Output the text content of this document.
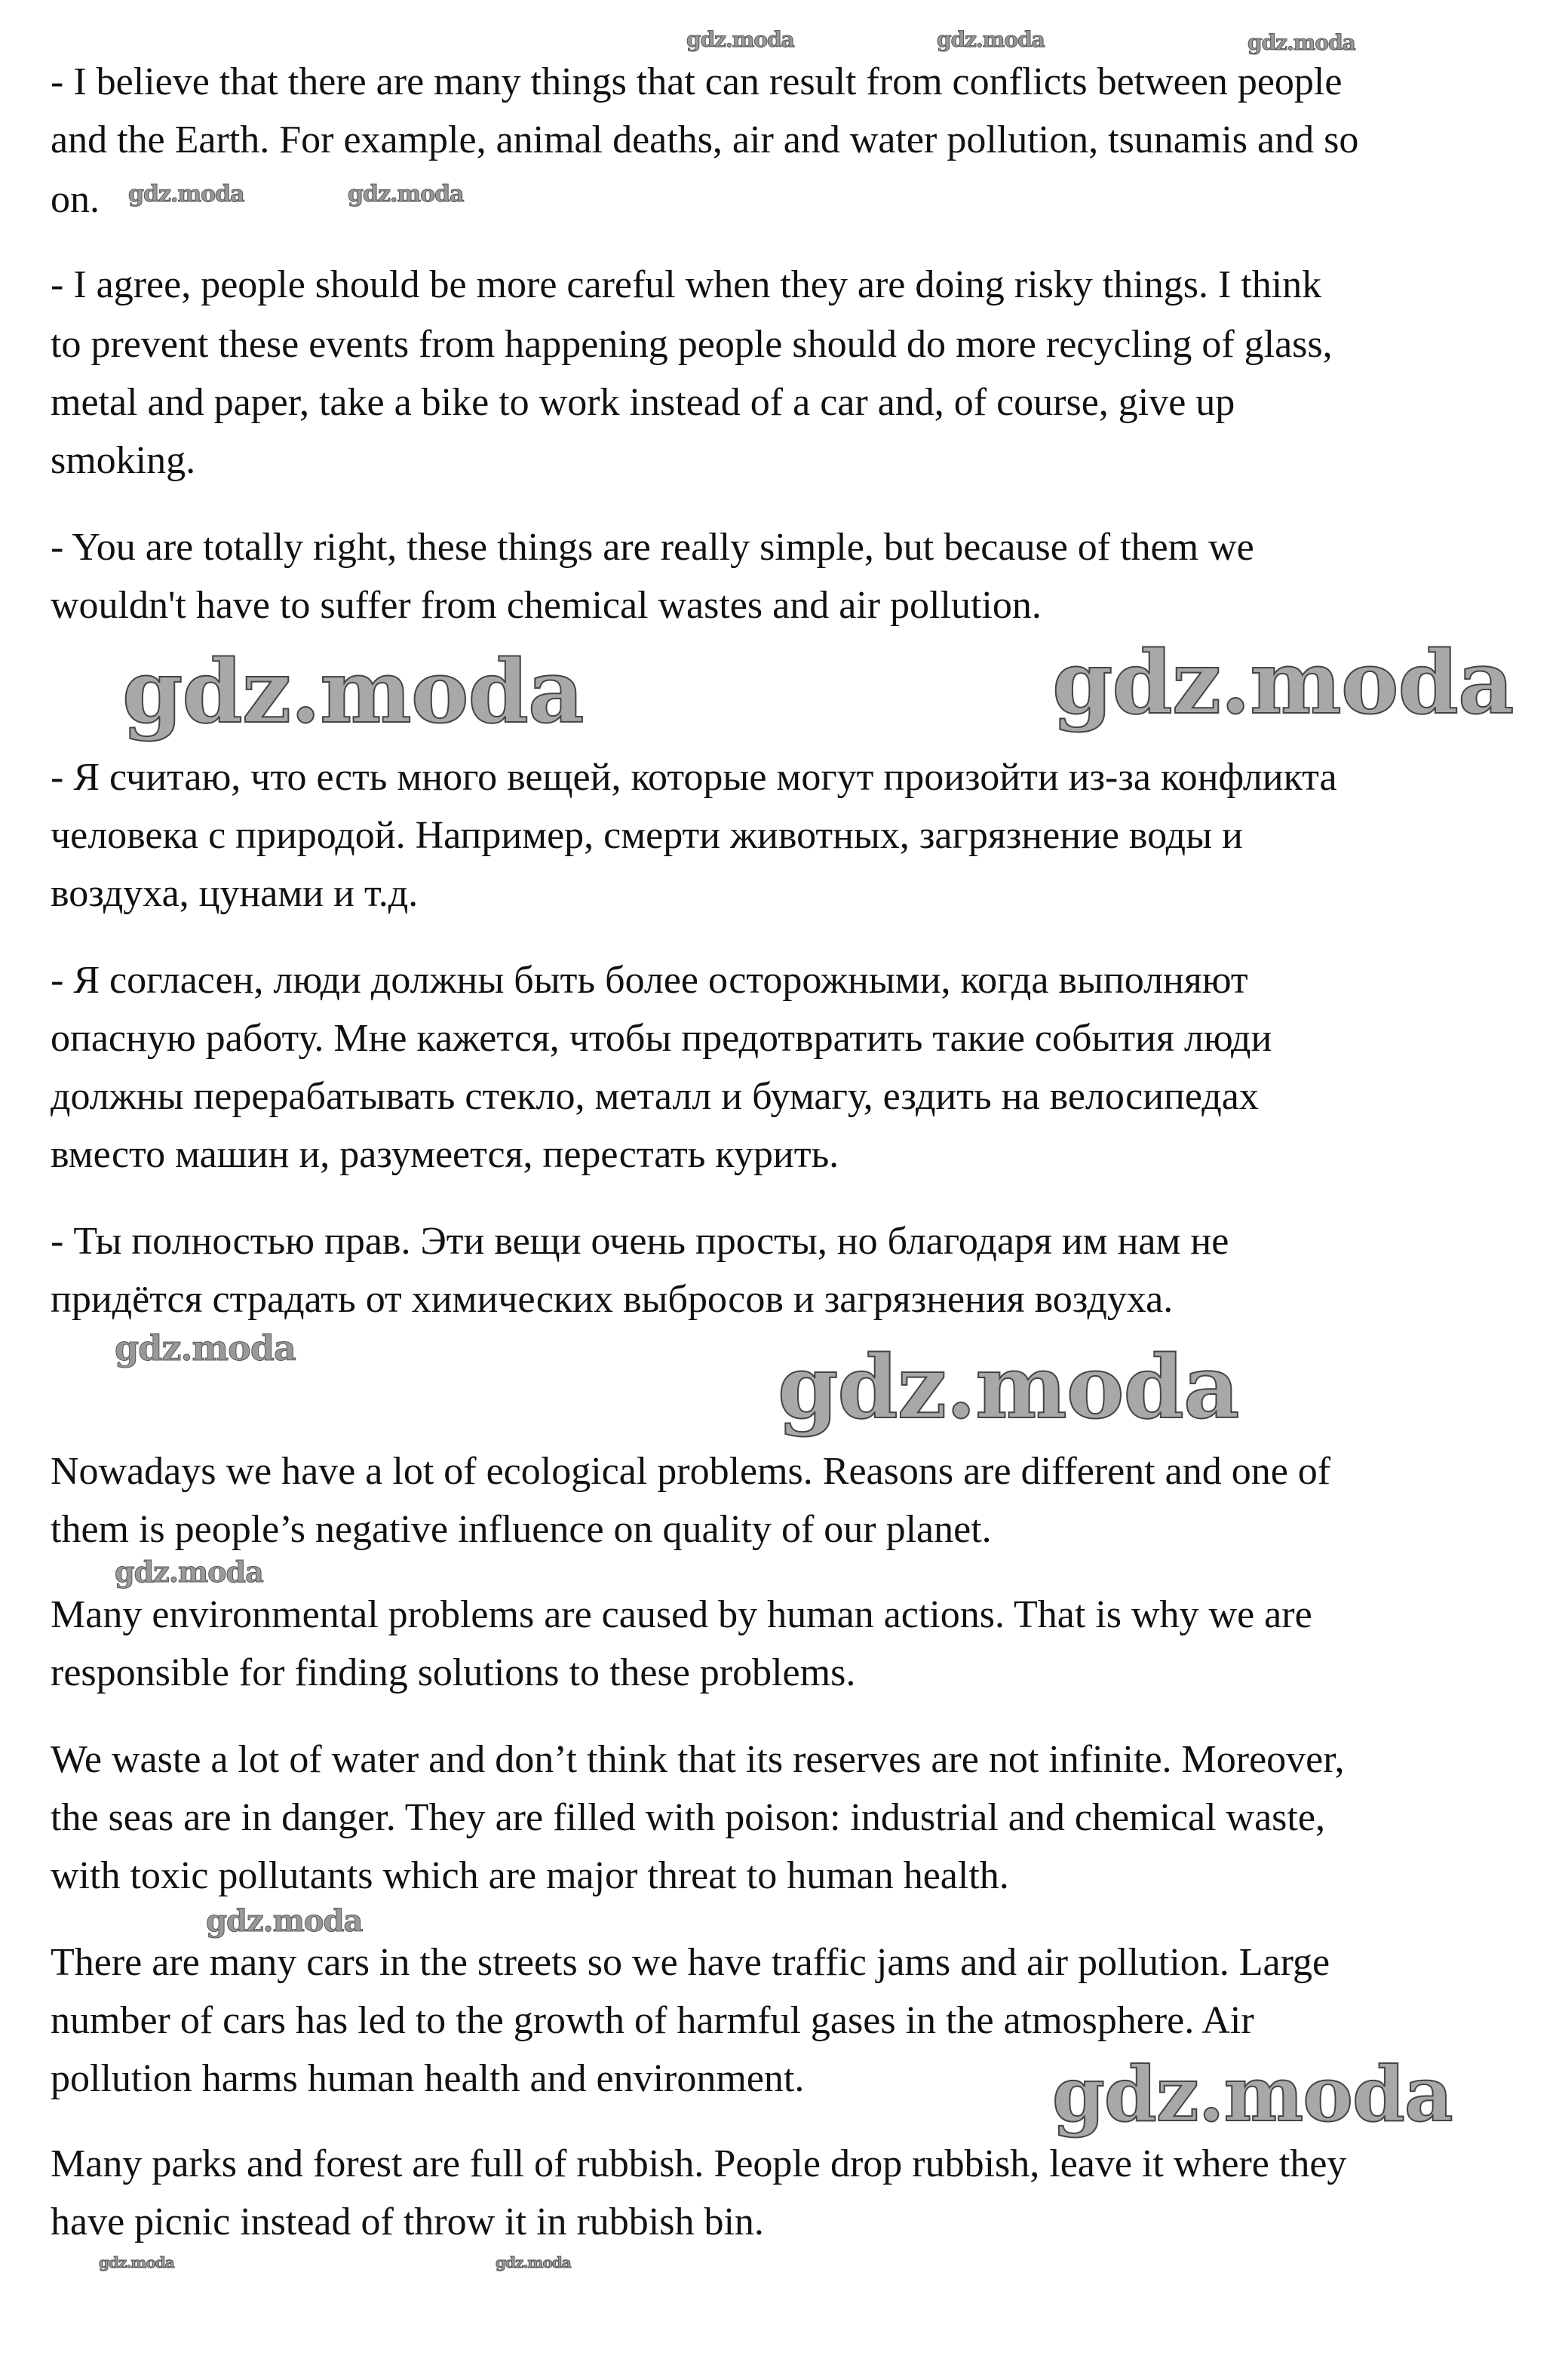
- I believe that there are many things that can result from conflicts between people
and the Earth. For example, animal deaths, air and water pollution, tsunamis and so
on.
- I agree, people should be more careful when they are doing risky things. I think
to prevent these events from happening people should do more recycling of glass,
metal and paper, take a bike to work instead of a car and, of course, give up
smoking.
- You are totally right, these things are really simple, but because of them we
wouldn't have to suffer from chemical wastes and air pollution.
- Я считаю, что есть много вещей, которые могут произойти из-за конфликта
человека с природой. Например, смерти животных, загрязнение воды и
воздуха, цунами и т.д.
- Я согласен, люди должны быть более осторожными, когда выполняют
опасную работу. Мне кажется, чтобы предотвратить такие события люди
должны перерабатывать стекло, металл и бумагу, ездить на велосипедах
вместо машин и, разумеется, перестать курить.
- Ты полностью прав. Эти вещи очень просты, но благодаря им нам не
придётся страдать от химических выбросов и загрязнения воздуха.
Nowadays we have a lot of ecological problems. Reasons are different and one of
them is people’s negative influence on quality of our planet.
Many environmental problems are caused by human actions. That is why we are
responsible for finding solutions to these problems.
We waste a lot of water and don’t think that its reserves are not infinite. Moreover,
the seas are in danger. They are filled with poison: industrial and chemical waste,
with toxic pollutants which are major threat to human health.
There are many cars in the streets so we have traffic jams and air pollution. Large
number of cars has led to the growth of harmful gases in the atmosphere. Air
pollution harms human health and environment.
Many parks and forest are full of rubbish. People drop rubbish, leave it where they
have picnic instead of throw it in rubbish bin.
gdz.moda	gdz.moda	gdz.moda
gdz.moda	gdz.moda
gdz.moda
gdz.moda
gdz.moda	gdz.moda
gdz.moda
gdz.moda
gdz.moda
gdz.moda	gdz.moda
